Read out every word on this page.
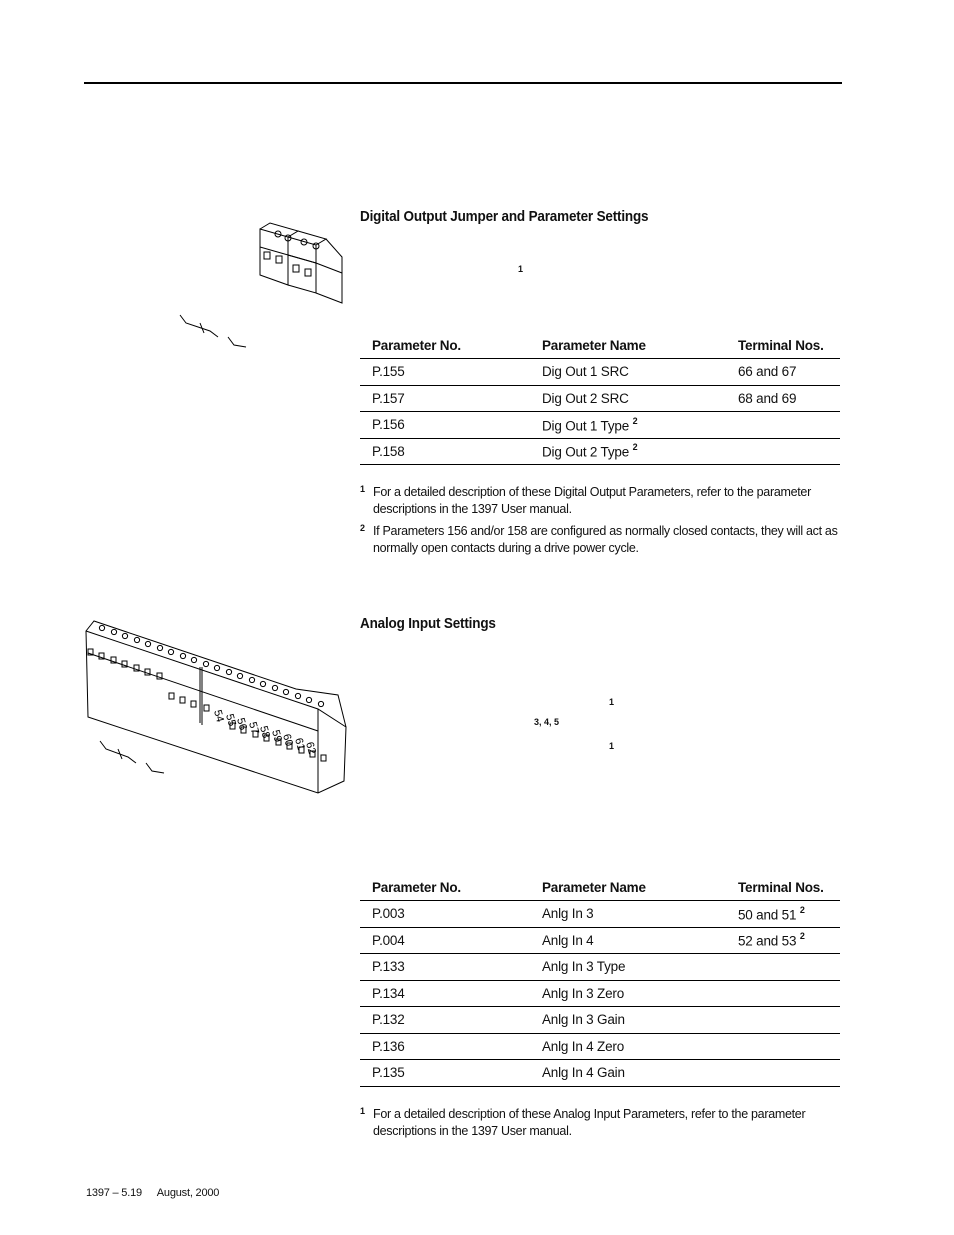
Digital Output Jumper and Parameter Settings
1
Parameter No.	Parameter Name	Terminal Nos.
P.155	Dig Out 1 SRC	66 and 67
P.157	Dig Out 2 SRC	68 and 69
P.156	Dig Out 1 Type $^2$	
P.158	Dig Out 2 Type $^2$	
1 For a detailed description of these Digital Output Parameters, refer to the parameter descriptions in the 1397 User manual.
2 If Parameters 156 and/or 158 are configured as normally closed contacts, they will act as normally open contacts during a drive power cycle.
54
55
56
57
58
59
60
61
62
Analog Input Settings
1
3, 4, 5
1
Parameter No.	Parameter Name	Terminal Nos.
P.003	Anlg In 3	50 and 51 $^2$
P.004	Anlg In 4	52 and 53 $^2$
P.133	Anlg In 3 Type	
P.134	Anlg In 3 Zero	
P.132	Anlg In 3 Gain	
P.136	Anlg In 4 Zero	
P.135	Anlg In 4 Gain	
1 For a detailed description of these Analog Input Parameters, refer to the parameter descriptions in the 1397 User manual.
1397 – 5.19 August, 2000
